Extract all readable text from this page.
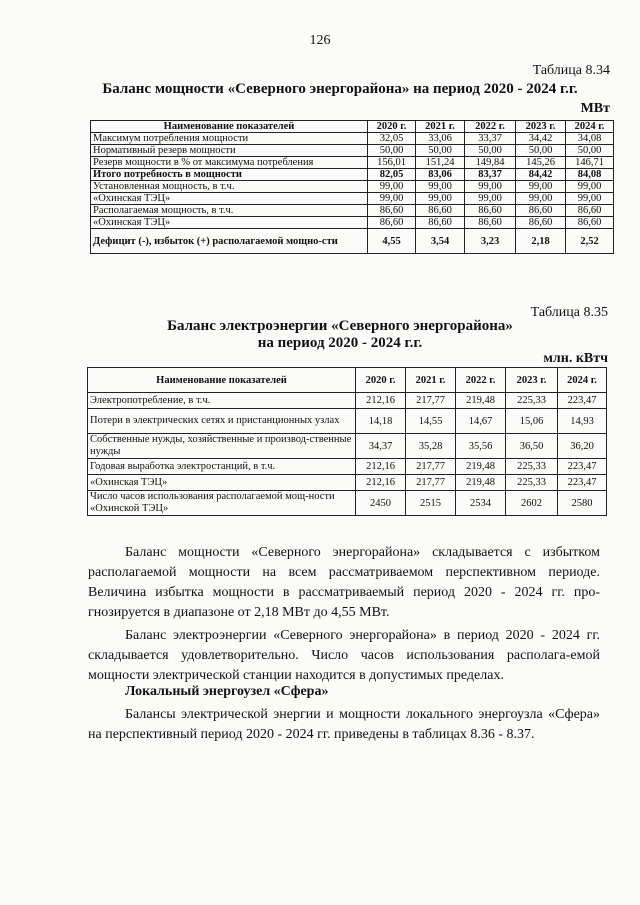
126
Таблица 8.34
Баланс мощности «Северного энергорайона» на период 2020 - 2024 г.г.
МВт
Наименование показателей	2020 г.	2021 г.	2022 г.	2023 г.	2024 г.
Максимум потребления мощности	32,05	33,06	33,37	34,42	34,08
Нормативный резерв мощности	50,00	50,00	50,00	50,00	50,00
Резерв мощности в % от максимума потребления	156,01	151,24	149,84	145,26	146,71
Итого потребность в мощности	82,05	83,06	83,37	84,42	84,08
Установленная мощность, в т.ч.	99,00	99,00	99,00	99,00	99,00
«Охинская ТЭЦ»	99,00	99,00	99,00	99,00	99,00
Располагаемая мощность, в т.ч.	86,60	86,60	86,60	86,60	86,60
«Охинская ТЭЦ»	86,60	86,60	86,60	86,60	86,60
Дефицит (-), избыток (+) располагаемой мощно-сти	4,55	3,54	3,23	2,18	2,52
Таблица 8.35
Баланс электроэнергии «Северного энергорайона»
на период 2020 - 2024 г.г.
млн. кВтч
Наименование показателей	2020 г.	2021 г.	2022 г.	2023 г.	2024 г.
Электропотребление, в т.ч.	212,16	217,77	219,48	225,33	223,47
Потери в электрических сетях и пристанционных узлах	14,18	14,55	14,67	15,06	14,93
Собственные нужды, хозяйственные и производ-ственные нужды	34,37	35,28	35,56	36,50	36,20
Годовая выработка электростанций, в т.ч.	212,16	217,77	219,48	225,33	223,47
«Охинская ТЭЦ»	212,16	217,77	219,48	225,33	223,47
Число часов использования располагаемой мощ-ности «Охинской ТЭЦ»	2450	2515	2534	2602	2580
Баланс мощности «Северного энергорайона» складывается с избытком располагаемой мощности на всем рассматриваемом перспективном периоде. Величина избытка мощности в рассматриваемый период 2020 - 2024 гг. про-гнозируется в диапазоне от 2,18 МВт до 4,55 МВт.
Баланс электроэнергии «Северного энергорайона» в период 2020 - 2024 гг. складывается удовлетворительно. Число часов использования располага-емой мощности электрической станции находится в допустимых пределах.
Локальный энергоузел «Сфера»
Балансы электрической энергии и мощности локального энергоузла «Сфера» на перспективный период 2020 - 2024 гг. приведены в таблицах 8.36 - 8.37.
